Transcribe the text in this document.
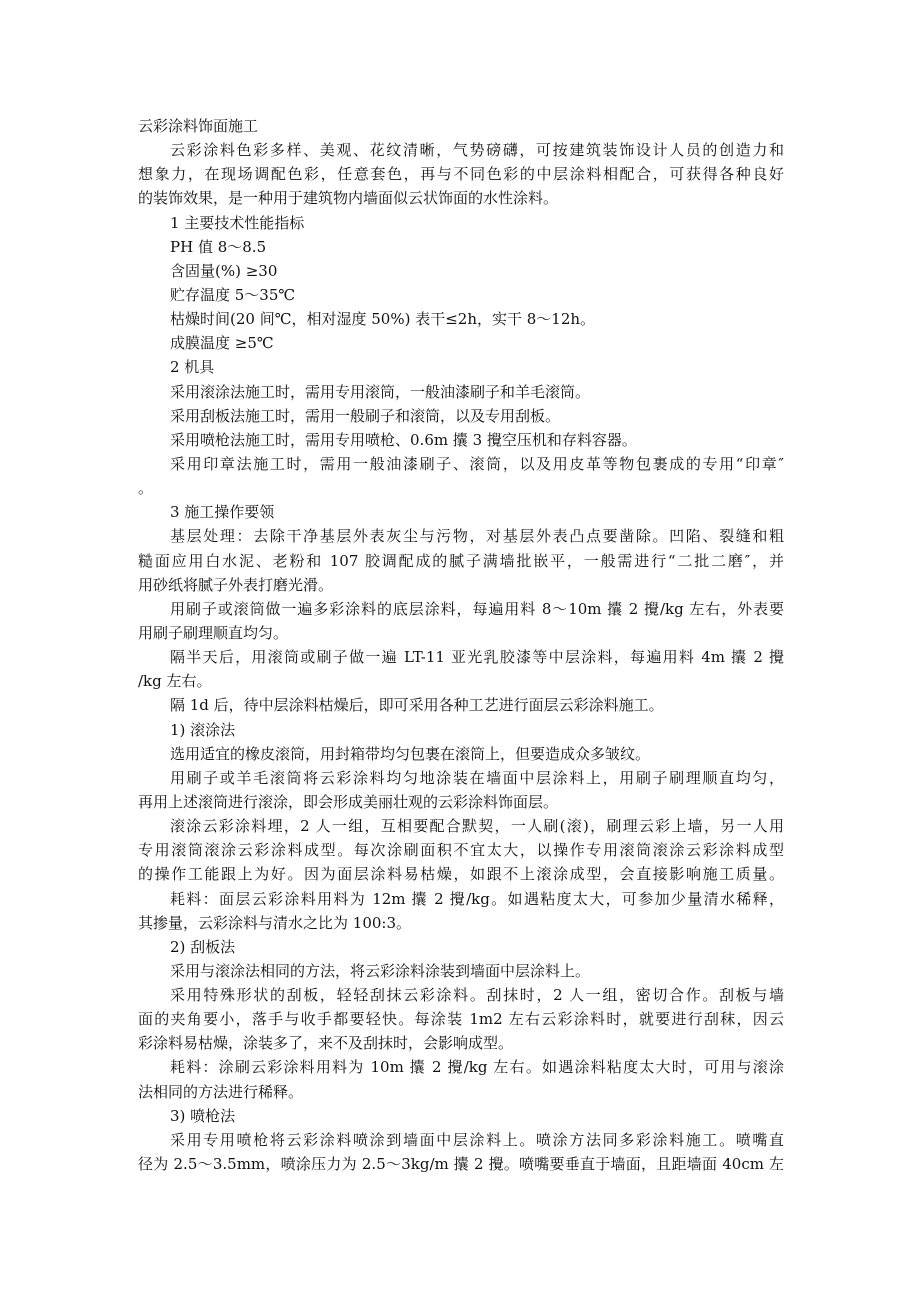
云彩涂料饰面施工

云彩涂料色彩多样、美观、花纹清晰，气势磅礴，可按建筑装饰设计人员的创造力和

想象力，在现场调配色彩，任意套色，再与不同色彩的中层涂料相配合，可获得各种良好

的装饰效果，是一种用于建筑物内墙面似云状饰面的水性涂料。

1 主要技术性能指标

PH 值 8～8.5

含固量(%) ≥30

贮存温度 5～35℃

枯燥时间(20 间℃，相对湿度 50%) 表干≤2h，实干 8～12h。

成膜温度 ≥5℃

2 机具

采用滚涂法施工时，需用专用滚筒，一般油漆刷子和羊毛滚筒。

采用刮板法施工时，需用一般刷子和滚筒，以及专用刮板。

采用喷枪法施工时，需用专用喷枪、0.6m 攮 3 攪空压机和存料容器。

采用印章法施工时，需用一般油漆刷子、滚筒，以及用皮革等物包裹成的专用“印章″

。

3 施工操作要领

基层处理：去除干净基层外表灰尘与污物，对基层外表凸点要凿除。凹陷、裂缝和粗

糙面应用白水泥、老粉和 107 胶调配成的腻子满墙批嵌平，一般需进行“二批二磨″，并

用砂纸将腻子外表打磨光滑。

用刷子或滚筒做一遍多彩涂料的底层涂料，每遍用料 8～10m 攮 2 攪/kg 左右，外表要

用刷子刷理顺直均匀。

隔半天后，用滚筒或刷子做一遍 LT-11 亚光乳胶漆等中层涂料，每遍用料 4m 攮 2 攪

/kg 左右。

隔 1d 后，待中层涂料枯燥后，即可采用各种工艺进行面层云彩涂料施工。

1) 滚涂法

选用适宜的橡皮滚筒，用封箱带均匀包裹在滚筒上，但要造成众多皱纹。

用刷子或羊毛滚筒将云彩涂料均匀地涂装在墙面中层涂料上，用刷子刷理顺直均匀，

再用上述滚筒进行滚涂，即会形成美丽壮观的云彩涂料饰面层。

滚涂云彩涂料埋，2 人一组，互相要配合默契，一人刷(滚)，刷理云彩上墙，另一人用

专用滚筒滚涂云彩涂料成型。每次涂刷面积不宜太大，以操作专用滚筒滚涂云彩涂料成型

的操作工能跟上为好。因为面层涂料易枯燥，如跟不上滚涂成型，会直接影响施工质量。

耗料：面层云彩涂料用料为 12m 攮 2 攪/kg。如遇粘度太大，可参加少量清水稀释，

其掺量，云彩涂料与清水之比为 100:3。

2) 刮板法

采用与滚涂法相同的方法，将云彩涂料涂装到墙面中层涂料上。

采用特殊形状的刮板，轻轻刮抹云彩涂料。刮抹时，2 人一组，密切合作。刮板与墙

面的夹角要小，落手与收手都要轻快。每涂装 1m2 左右云彩涂料时，就要进行刮秣，因云

彩涂料易枯燥，涂装多了，来不及刮抹时，会影响成型。

耗料：涂刷云彩涂料用料为 10m 攮 2 攪/kg 左右。如遇涂料粘度太大时，可用与滚涂

法相同的方法进行稀释。

3) 喷枪法

采用专用喷枪将云彩涂料喷涂到墙面中层涂料上。喷涂方法同多彩涂料施工。喷嘴直

径为 2.5～3.5mm，喷涂压力为 2.5～3kg/m 攮 2 攪。喷嘴要垂直于墙面，且距墙面 40cm 左
